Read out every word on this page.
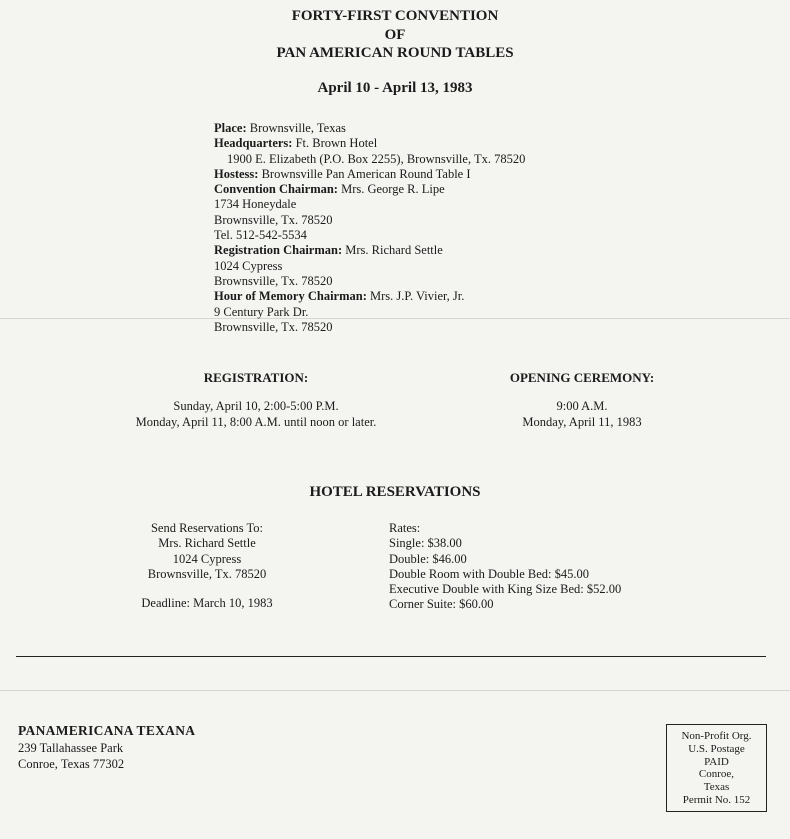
FORTY-FIRST CONVENTION
OF
PAN AMERICAN ROUND TABLES
April 10 - April 13, 1983
Place: Brownsville, Texas
Headquarters: Ft. Brown Hotel
1900 E. Elizabeth (P.O. Box 2255), Brownsville, Tx. 78520
Hostess: Brownsville Pan American Round Table I
Convention Chairman: Mrs. George R. Lipe
1734 Honeydale
Brownsville, Tx. 78520
Tel. 512-542-5534
Registration Chairman: Mrs. Richard Settle
1024 Cypress
Brownsville, Tx. 78520
Hour of Memory Chairman: Mrs. J.P. Vivier, Jr.
9 Century Park Dr.
Brownsville, Tx. 78520
REGISTRATION:
Sunday, April 10, 2:00-5:00 P.M.
Monday, April 11, 8:00 A.M. until noon or later.
OPENING CEREMONY:
9:00 A.M.
Monday, April 11, 1983
HOTEL RESERVATIONS
Send Reservations To:
Mrs. Richard Settle
1024 Cypress
Brownsville, Tx. 78520
Deadline: March 10, 1983
Rates:
Single: $38.00
Double: $46.00
Double Room with Double Bed: $45.00
Executive Double with King Size Bed: $52.00
Corner Suite: $60.00
PANAMERICANA TEXANA
239 Tallahassee Park
Conroe, Texas 77302
Non-Profit Org.
U.S. Postage
PAID
Conroe,
Texas
Permit No. 152
